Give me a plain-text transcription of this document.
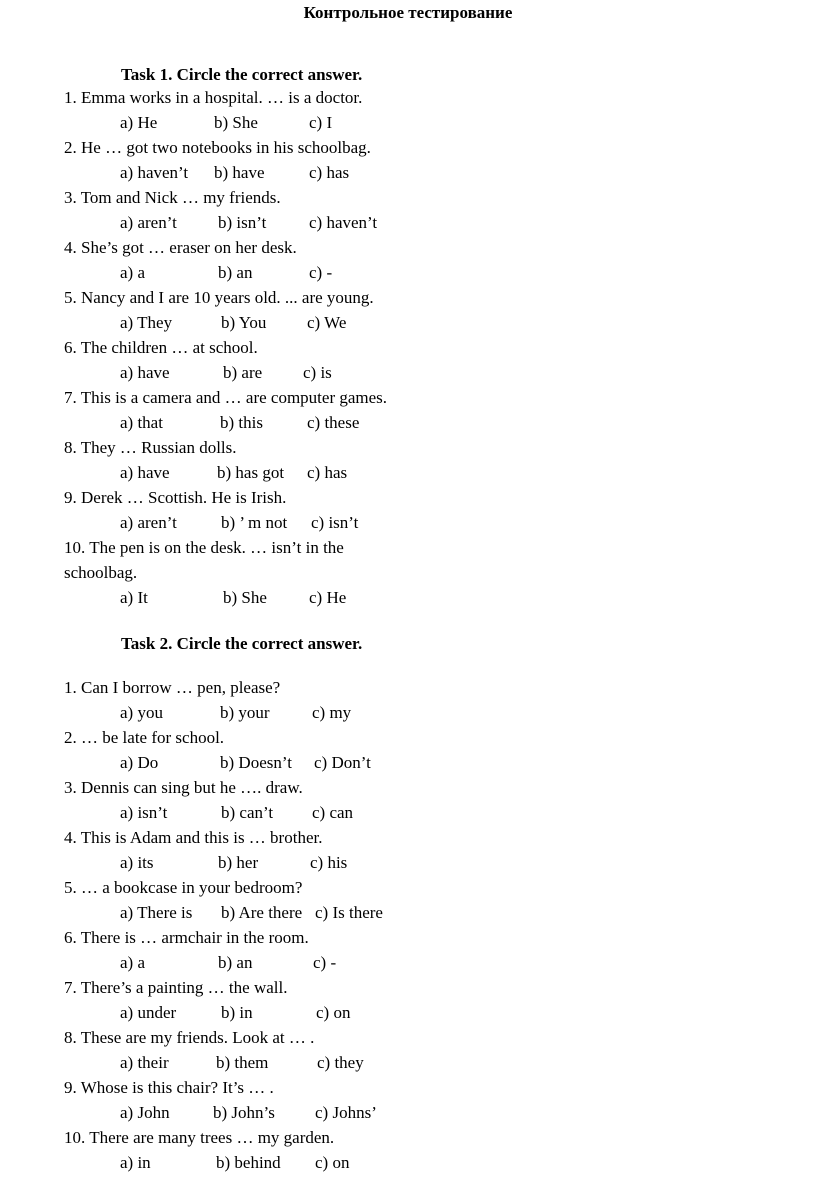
Контрольное тестирование
Task 1. Circle the correct answer.
1. Emma works in a hospital. … is a doctor.
a) He	b) She	c) I
2. He … got two notebooks in his schoolbag.
a) haven’t b) have	c) has
3. Tom and Nick … my friends.
a) aren’t b) isn’t	c) haven’t
4. She’s got … eraser on her desk.
a) a	b) an	c) -
5. Nancy and I are 10 years old. ... are young.
a) They	b) You c) We
6. The children … at school.
a) have	b) are c) is
7. This is a camera and … are computer games.
a) that	b) this	c) these
8. They … Russian dolls.
a) have	b) has got c) has
9. Derek … Scottish. He is Irish.
a) aren’t	b) ’ m not c) isn’t
10. The pen is on the desk. … isn’t in the
schoolbag.
a) It	b) She c) He
Task 2. Circle the correct answer.
1. Can I borrow … pen, please?
a) you	b) your c) my
2. … be late for school.
a) Do	b) Doesn’t c) Don’t
3. Dennis can sing but he …. draw.
a) isn’t	b) can’t c) can
4. This is Adam and this is … brother.
a) its	b) her	c) his
5. … a bookcase in your bedroom?
a) There is b) Are there c) Is there
6. There is … armchair in the room.
a) a	b) an	c) -
7. There’s a painting … the wall.
a) under	b) in	c) on
8. These are my friends. Look at … .
a) their	b) them	c) they
9. Whose is this chair? It’s … .
a) John	b) John’s c) Johns’
10. There are many trees … my garden.
a) in	b) behind c) on
